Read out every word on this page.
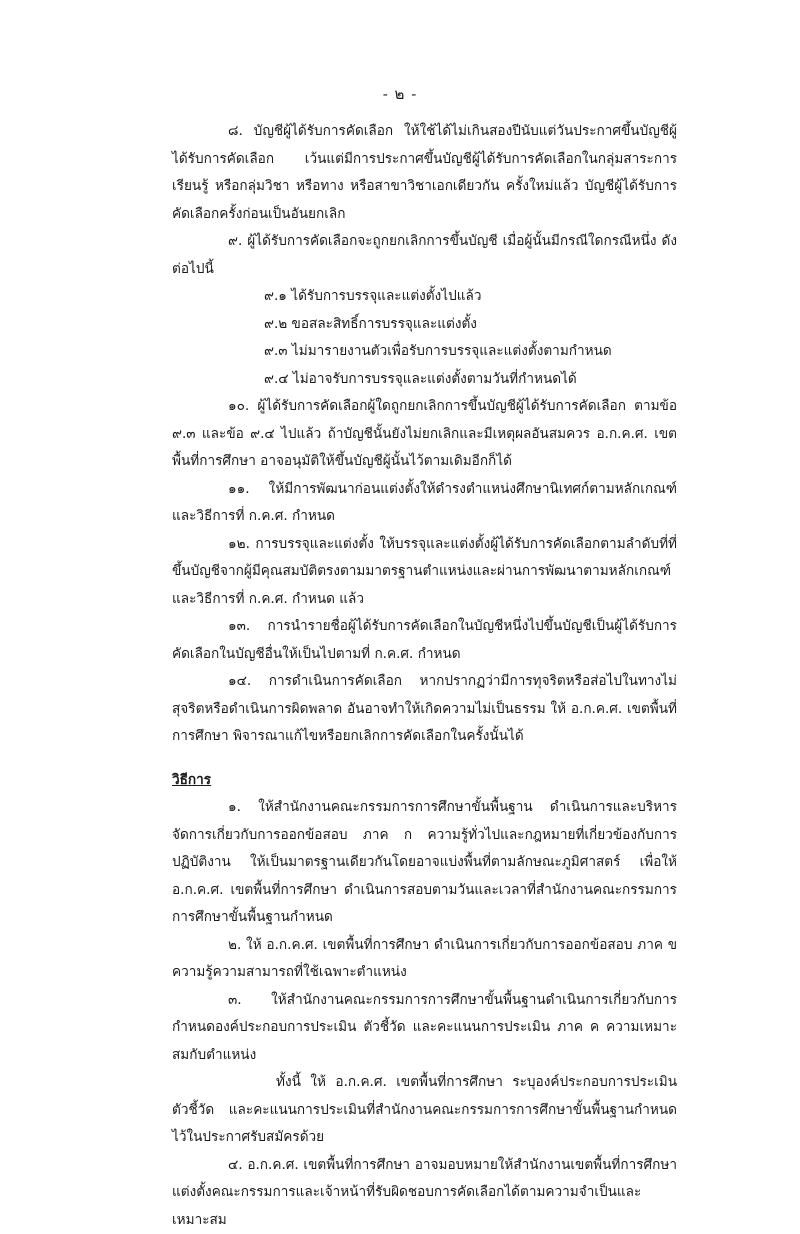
- ๒ -

๘. บัญชีผู้ได้รับการคัดเลือก ให้ใช้ได้ไม่เกินสองปีนับแต่วันประกาศขึ้นบัญชีผู้ได้รับการคัดเลือก เว้นแต่มีการประกาศขึ้นบัญชีผู้ได้รับการคัดเลือกในกลุ่มสาระการเรียนรู้ หรือกลุ่มวิชา หรือทาง หรือสาขาวิชาเอกเดียวกัน ครั้งใหม่แล้ว บัญชีผู้ได้รับการคัดเลือกครั้งก่อนเป็นอันยกเลิก

๙. ผู้ได้รับการคัดเลือกจะถูกยกเลิกการขึ้นบัญชี เมื่อผู้นั้นมีกรณีใดกรณีหนึ่ง ดังต่อไปนี้

๙.๑ ได้รับการบรรจุและแต่งตั้งไปแล้ว

๙.๒ ขอสละสิทธิ์การบรรจุและแต่งตั้ง

๙.๓ ไม่มารายงานตัวเพื่อรับการบรรจุและแต่งตั้งตามกำหนด

๙.๔ ไม่อาจรับการบรรจุและแต่งตั้งตามวันที่กำหนดได้

๑๐. ผู้ได้รับการคัดเลือกผู้ใดถูกยกเลิกการขึ้นบัญชีผู้ได้รับการคัดเลือก ตามข้อ ๙.๓ และข้อ ๙.๔ ไปแล้ว ถ้าบัญชีนั้นยังไม่ยกเลิกและมีเหตุผลอันสมควร อ.ก.ค.ศ. เขตพื้นที่การศึกษา อาจอนุมัติให้ขึ้นบัญชีผู้นั้นไว้ตามเดิมอีกก็ได้

๑๑. ให้มีการพัฒนาก่อนแต่งตั้งให้ดำรงตำแหน่งศึกษานิเทศก์ตามหลักเกณฑ์และวิธีการที่ ก.ค.ศ. กำหนด

๑๒. การบรรจุและแต่งตั้ง ให้บรรจุและแต่งตั้งผู้ได้รับการคัดเลือกตามลำดับที่ที่ขึ้นบัญชีจากผู้มีคุณสมบัติตรงตามมาตรฐานตำแหน่งและผ่านการพัฒนาตามหลักเกณฑ์และวิธีการที่ ก.ค.ศ. กำหนด แล้ว

๑๓. การนำรายชื่อผู้ได้รับการคัดเลือกในบัญชีหนึ่งไปขึ้นบัญชีเป็นผู้ได้รับการคัดเลือกในบัญชีอื่นให้เป็นไปตามที่ ก.ค.ศ. กำหนด

๑๔. การดำเนินการคัดเลือก หากปรากฏว่ามีการทุจริตหรือส่อไปในทางไม่สุจริตหรือดำเนินการผิดพลาด อันอาจทำให้เกิดความไม่เป็นธรรม ให้ อ.ก.ค.ศ. เขตพื้นที่การศึกษา พิจารณาแก้ไขหรือยกเลิกการคัดเลือกในครั้งนั้นได้

วิธีการ

๑. ให้สำนักงานคณะกรรมการการศึกษาขั้นพื้นฐาน ดำเนินการและบริหารจัดการเกี่ยวกับการออกข้อสอบ ภาค ก ความรู้ทั่วไปและกฎหมายที่เกี่ยวข้องกับการปฏิบัติงาน ให้เป็นมาตรฐานเดียวกันโดยอาจแบ่งพื้นที่ตามลักษณะภูมิศาสตร์ เพื่อให้ อ.ก.ค.ศ. เขตพื้นที่การศึกษา ดำเนินการสอบตามวันและเวลาที่สำนักงานคณะกรรมการการศึกษาขั้นพื้นฐานกำหนด

๒. ให้ อ.ก.ค.ศ. เขตพื้นที่การศึกษา ดำเนินการเกี่ยวกับการออกข้อสอบ ภาค ข ความรู้ความสามารถที่ใช้เฉพาะตำแหน่ง

๓. ให้สำนักงานคณะกรรมการการศึกษาขั้นพื้นฐานดำเนินการเกี่ยวกับการกำหนดองค์ประกอบการประเมิน ตัวชี้วัด และคะแนนการประเมิน ภาค ค ความเหมาะสมกับตำแหน่ง

ทั้งนี้ ให้ อ.ก.ค.ศ. เขตพื้นที่การศึกษา ระบุองค์ประกอบการประเมิน ตัวชี้วัด และคะแนนการประเมินที่สำนักงานคณะกรรมการการศึกษาขั้นพื้นฐานกำหนดไว้ในประกาศรับสมัครด้วย

๔. อ.ก.ค.ศ. เขตพื้นที่การศึกษา อาจมอบหมายให้สำนักงานเขตพื้นที่การศึกษาแต่งตั้งคณะกรรมการและเจ้าหน้าที่รับผิดชอบการคัดเลือกได้ตามความจำเป็นและเหมาะสม
